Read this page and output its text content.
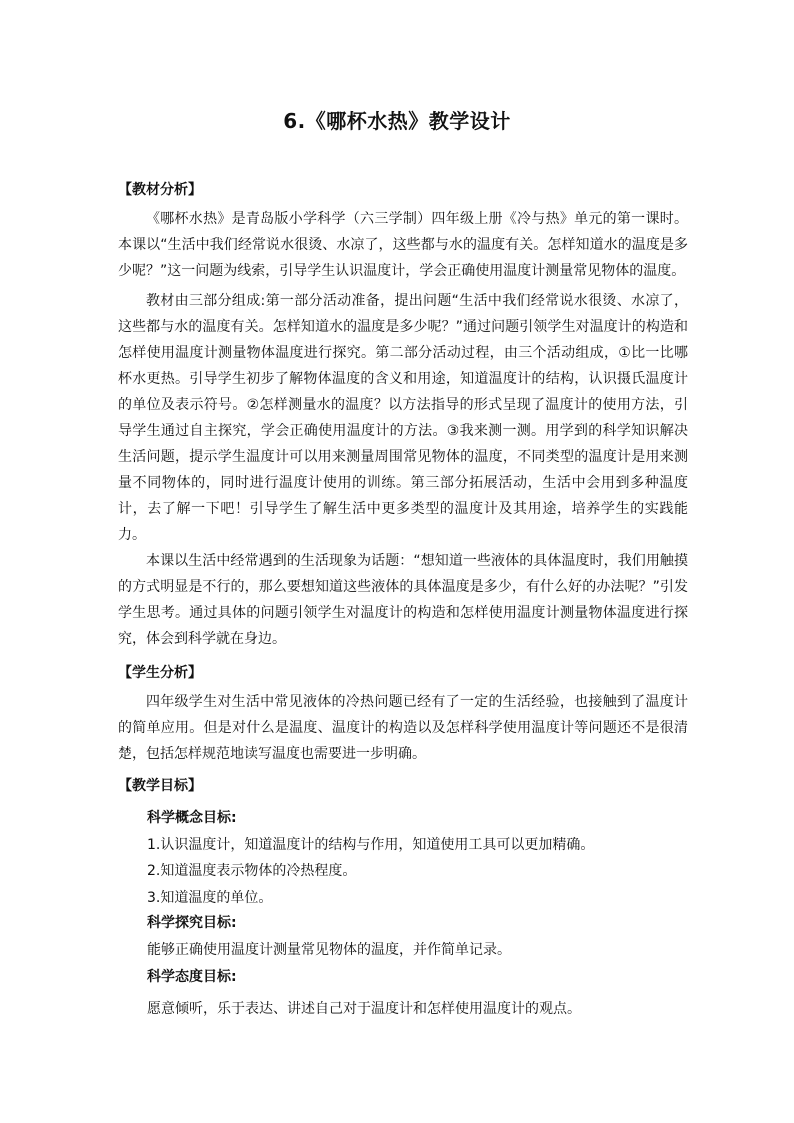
6.《哪杯水热》教学设计
【教材分析】

《哪杯水热》是青岛版小学科学（六三学制）四年级上册《冷与热》单元的第一课时。本课以“生活中我们经常说水很烫、水凉了，这些都与水的温度有关。怎样知道水的温度是多少呢？”这一问题为线索，引导学生认识温度计，学会正确使用温度计测量常见物体的温度。

教材由三部分组成:第一部分活动准备，提出问题“生活中我们经常说水很烫、水凉了，这些都与水的温度有关。怎样知道水的温度是多少呢？”通过问题引领学生对温度计的构造和怎样使用温度计测量物体温度进行探究。第二部分活动过程，由三个活动组成，①比一比哪杯水更热。引导学生初步了解物体温度的含义和用途，知道温度计的结构，认识摄氏温度计的单位及表示符号。②怎样测量水的温度？以方法指导的形式呈现了温度计的使用方法，引导学生通过自主探究，学会正确使用温度计的方法。③我来测一测。用学到的科学知识解决生活问题，提示学生温度计可以用来测量周围常见物体的温度，不同类型的温度计是用来测量不同物体的，同时进行温度计使用的训练。第三部分拓展活动，生活中会用到多种温度计，去了解一下吧！引导学生了解生活中更多类型的温度计及其用途，培养学生的实践能力。

本课以生活中经常遇到的生活现象为话题：“想知道一些液体的具体温度时，我们用触摸的方式明显是不行的，那么要想知道这些液体的具体温度是多少，有什么好的办法呢？”引发学生思考。通过具体的问题引领学生对温度计的构造和怎样使用温度计测量物体温度进行探究，体会到科学就在身边。

【学生分析】

四年级学生对生活中常见液体的冷热问题已经有了一定的生活经验，也接触到了温度计的简单应用。但是对什么是温度、温度计的构造以及怎样科学使用温度计等问题还不是很清楚，包括怎样规范地读写温度也需要进一步明确。

【教学目标】
科学概念目标:
1.认识温度计，知道温度计的结构与作用，知道使用工具可以更加精确。
2.知道温度表示物体的冷热程度。
3.知道温度的单位。
科学探究目标:
能够正确使用温度计测量常见物体的温度，并作简单记录。
科学态度目标:
愿意倾听，乐于表达、讲述自己对于温度计和怎样使用温度计的观点。
